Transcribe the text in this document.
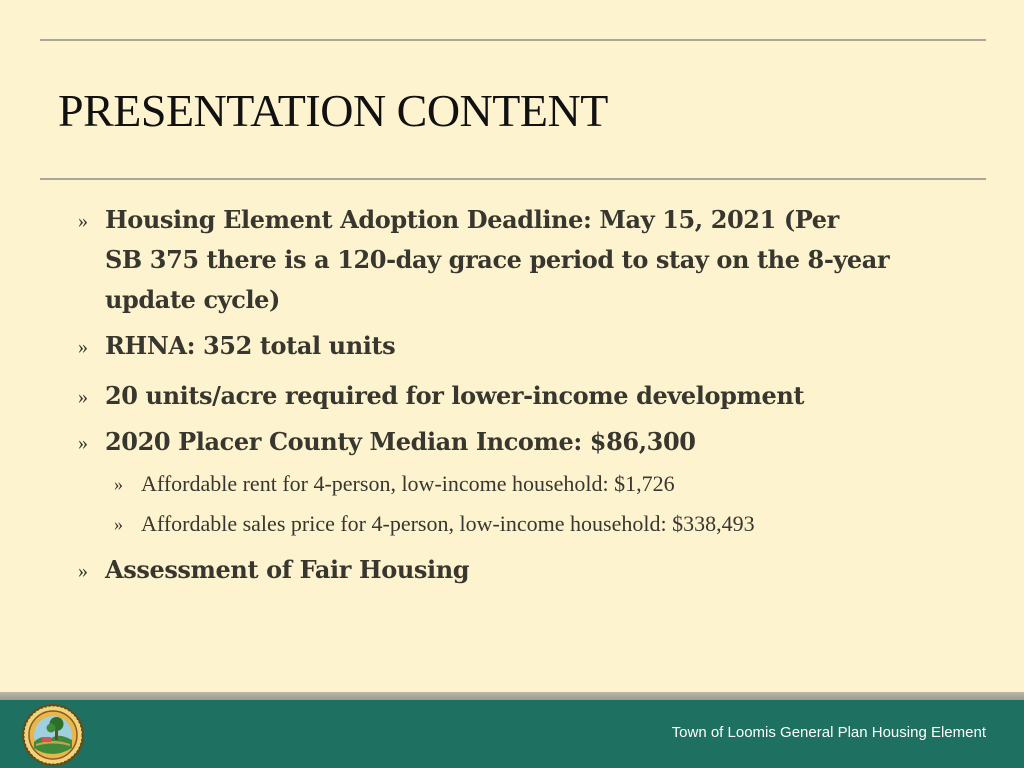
PRESENTATION CONTENT
» Housing Element Adoption Deadline: May 15, 2021 (Per
SB 375 there is a 120-day grace period to stay on the 8-year
update cycle)
» RHNA: 352 total units
» 20 units/acre required for lower-income development
» 2020 Placer County Median Income: $86,300
» Affordable rent for 4-person, low-income household: $1,726
» Affordable sales price for 4-person, low-income household: $338,493
» Assessment of Fair Housing
Town of Loomis General Plan Housing Element
